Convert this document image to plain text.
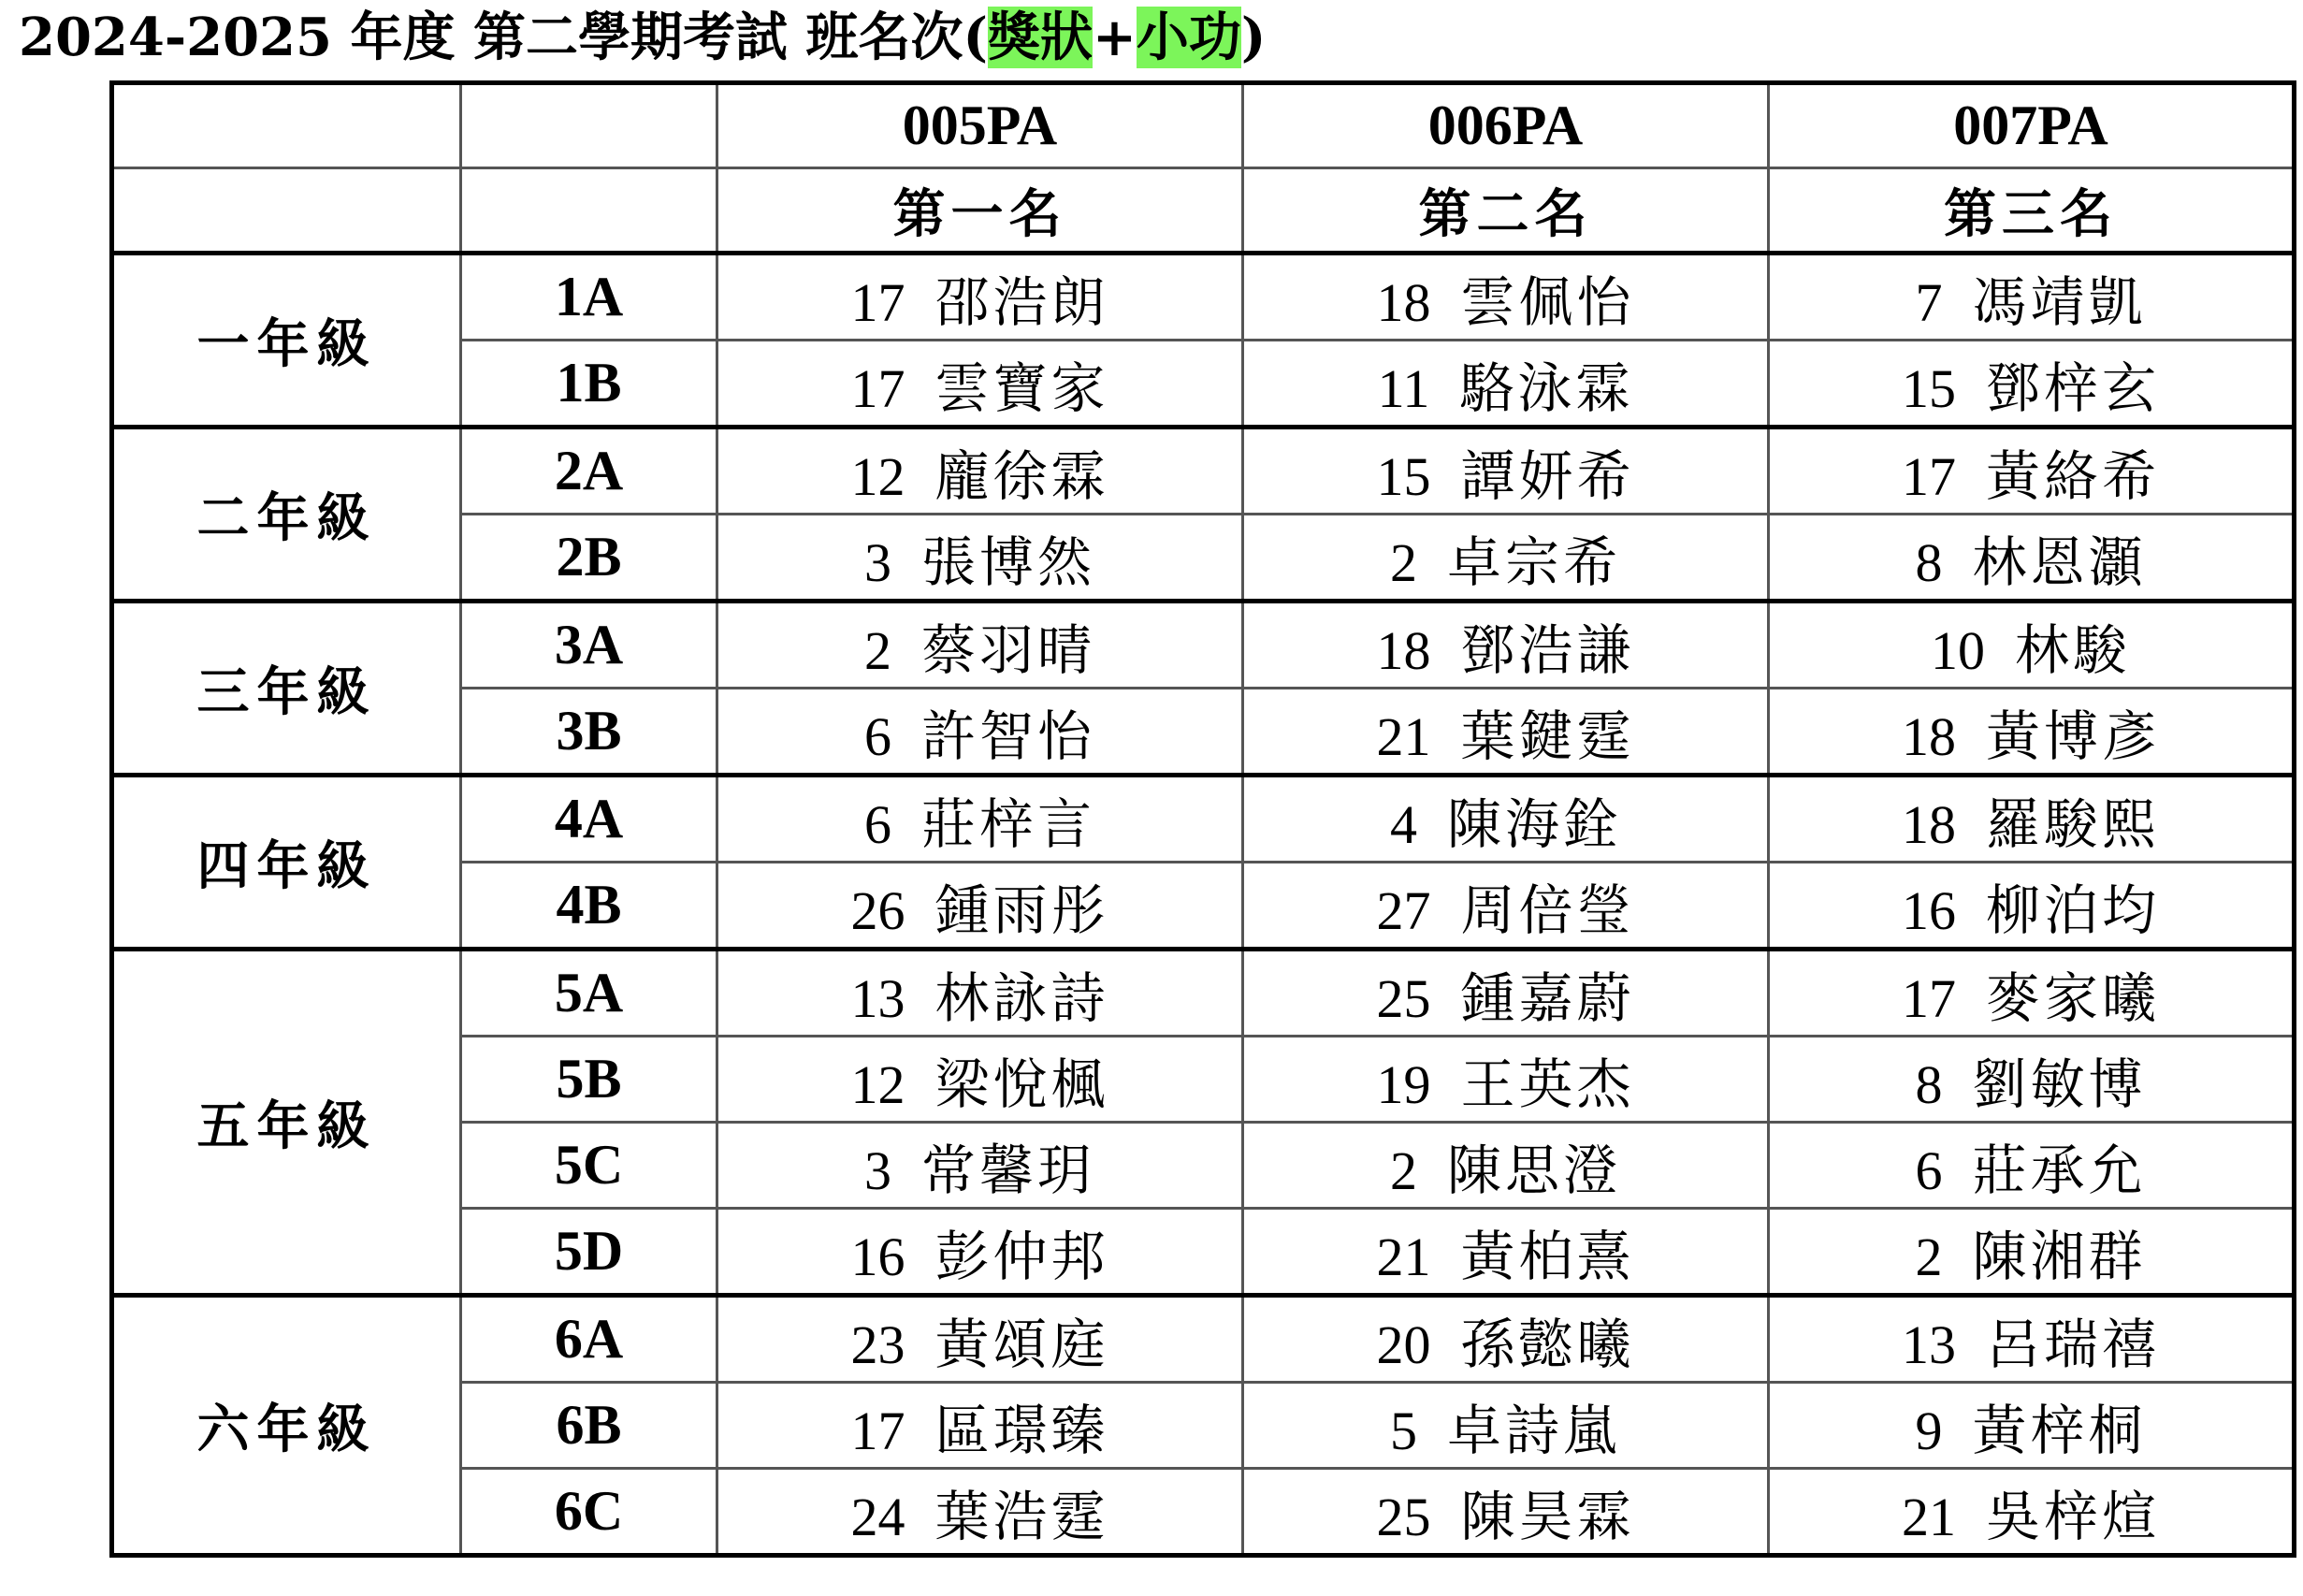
2024-2025 年度 第二學期考試 班名次(獎狀+小功)
		005PA	006PA	007PA
		第一名	第二名	第三名
一年級	1A	17 邵浩朗	18 雲佩怡	7 馮靖凱
	1B	17 雲寶家	11 駱泳霖	15 鄧梓玄
二年級	2A	12 龐徐霖	15 譚妍希	17 黃絡希
	2B	3 張博然	2 卓宗希	8 林恩灝
三年級	3A	2 蔡羽晴	18 鄧浩謙	10 林駿
	3B	6 許智怡	21 葉鍵霆	18 黃博彥
四年級	4A	6 莊梓言	4 陳海銓	18 羅駿熙
	4B	26 鍾雨彤	27 周倍瑩	16 柳泊均
五年級	5A	13 林詠詩	25 鍾嘉蔚	17 麥家曦
	5B	12 梁悅楓	19 王英杰	8 劉敏博
	5C	3 常馨玥	2 陳思澄	6 莊承允
	5D	16 彭仲邦	21 黃柏熹	2 陳湘群
六年級	6A	23 黃頌庭	20 孫懿曦	13 呂瑞禧
	6B	17 區璟臻	5 卓詩嵐	9 黃梓桐
	6C	24 葉浩霆	25 陳昊霖	21 吳梓煊
